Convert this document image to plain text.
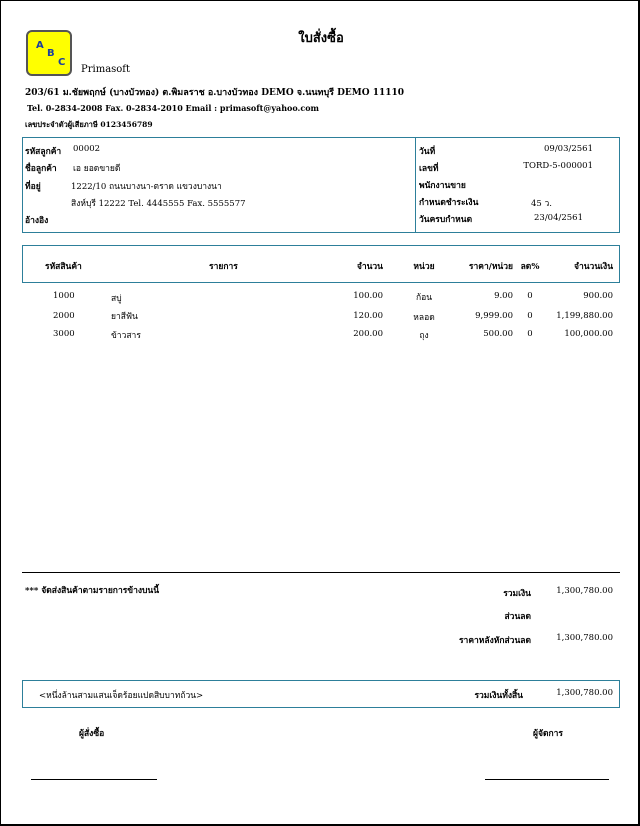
ใบสั่งซื้อ
A
B
C
Primasoft
203/61 ม.ชัยพฤกษ์ (บางบัวทอง) ต.พิมลราช อ.บางบัวทอง DEMO จ.นนทบุรี DEMO 11110
Tel. 0-2834-2008 Fax. 0-2834-2010 Email : primasoft@yahoo.com
เลขประจำตัวผู้เสียภาษี 0123456789
รหัสลูกค้า 00002
ชื่อลูกค้า เอ ยอดขายดี
ที่อยู่	1222/10 ถนนบางนา-ตราด แขวงบางนา
สิงห์บุรี 12222 Tel. 4445555 Fax. 5555577
อ้างอิง
วันที่	09/03/2561
เลขที่	TORD-5-000001
พนักงานขาย
กำหนดชำระเงิน	45 ว.
วันครบกำหนด	23/04/2561
รหัสสินค้า	รายการ	จำนวน	หน่วย	ราคา/หน่วย ลด%	จำนวนเงิน
1000	สบู่	100.00	ก้อน	9.00	0	900.00
2000	ยาสีฟัน	120.00	หลอด	9,999.00	0	1,199,880.00
3000	ข้าวสาร	200.00	ถุง	500.00	0	100,000.00
*** จัดส่งสินค้าตามรายการข้างบนนี้	รวมเงิน	1,300,780.00
ส่วนลด
ราคาหลังหักส่วนลด	1,300,780.00
<หนึ่งล้านสามแสนเจ็ดร้อยแปดสิบบาทถ้วน>	รวมเงินทั้งสิ้น	1,300,780.00
ผู้สั่งซื้อ	ผู้จัดการ
